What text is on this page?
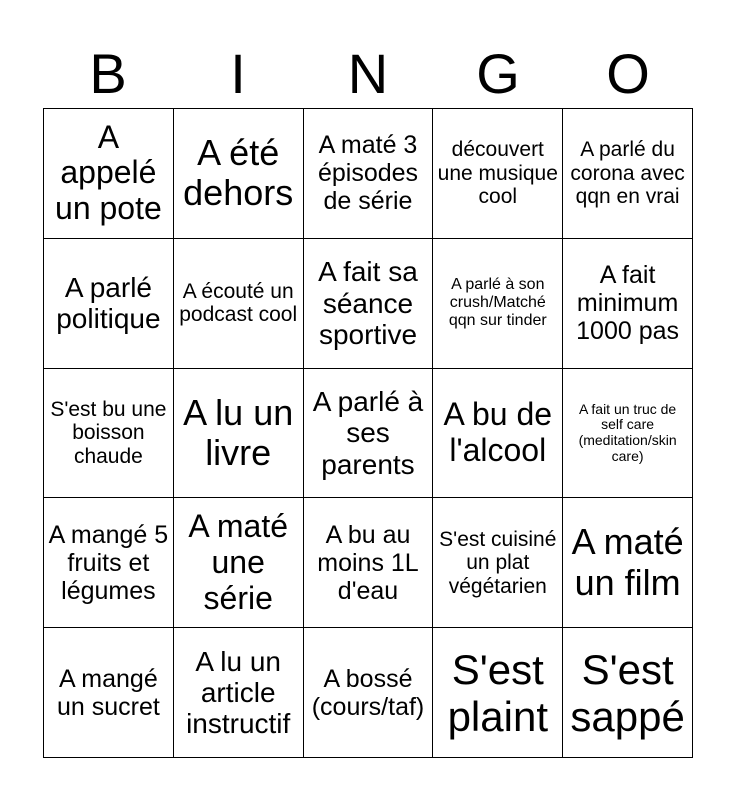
B	I	N	G	O
A appelé un pote
A été dehors
A maté 3 épisodes de série
découvert une musique cool
A parlé du corona avec qqn en vrai
A parlé politique
A écouté un podcast cool
A fait sa séance sportive
A parlé à son crush/Matché qqn sur tinder
A fait minimum 1000 pas
S'est bu une boisson chaude
A lu un livre
A parlé à ses parents
A bu de l'alcool
A fait un truc de self care (meditation/skin care)
A mangé 5 fruits et légumes
A maté une série
A bu au moins 1L d'eau
S'est cuisiné un plat végétarien
A maté un film
A mangé un sucret
A lu un article instructif
A bossé (cours/taf)
S'est plaint
S'est sappé
